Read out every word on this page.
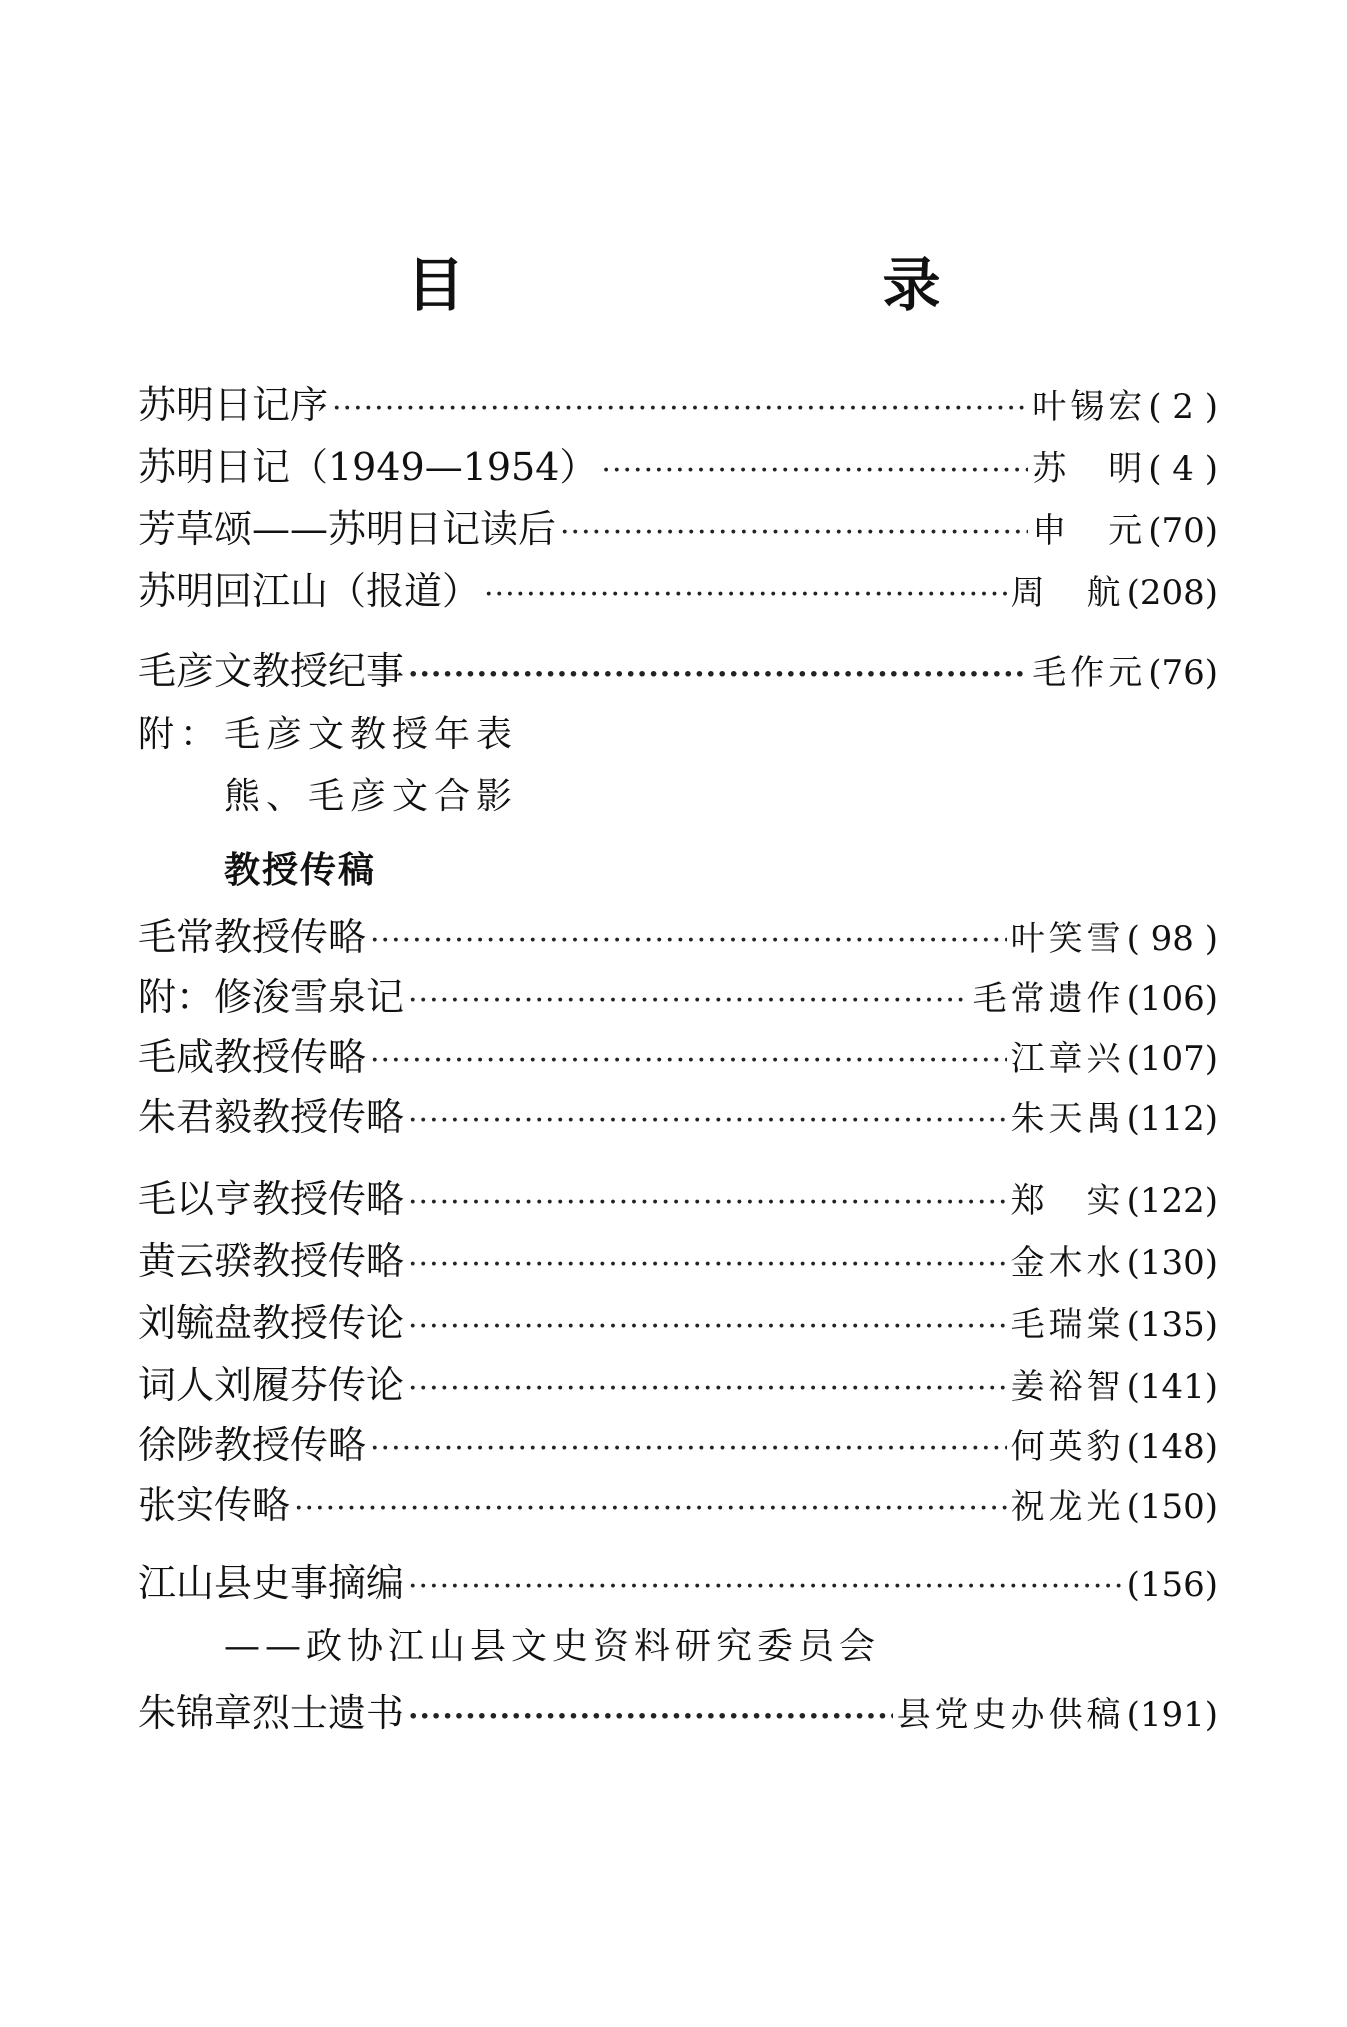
目　录
苏明日记序 ·····	叶锡宏 ( 2 )
苏明日记（1949—1954） ·····	苏　明 ( 4 )
芳草颂——苏明日记读后 ·····	申　元 (70)
苏明回江山（报道） ·····	周　航 (208)
毛彦文教授纪事 ·····	毛作元 (76)
附： 毛彦文教授年表
熊、毛彦文合影
教授传稿
毛常教授传略 ·····	叶笑雪 ( 98 )
附：修浚雪泉记 ·····	毛常遗作 (106)
毛咸教授传略 ·····	江章兴 (107)
朱君毅教授传略 ·····	朱天禺 (112)
毛以亨教授传略 ·····	郑　实 (122)
黄云骙教授传略 ·····	金木水 (130)
刘毓盘教授传论 ·····	毛瑞棠 (135)
词人刘履芬传论 ·····	姜裕智 (141)
徐陟教授传略 ·····	何英豹 (148)
张实传略 ·····	祝龙光 (150)
江山县史事摘编 ·····	(156)
——政协江山县文史资料研究委员会
朱锦章烈士遗书 ·····	县党史办供稿 (191)
